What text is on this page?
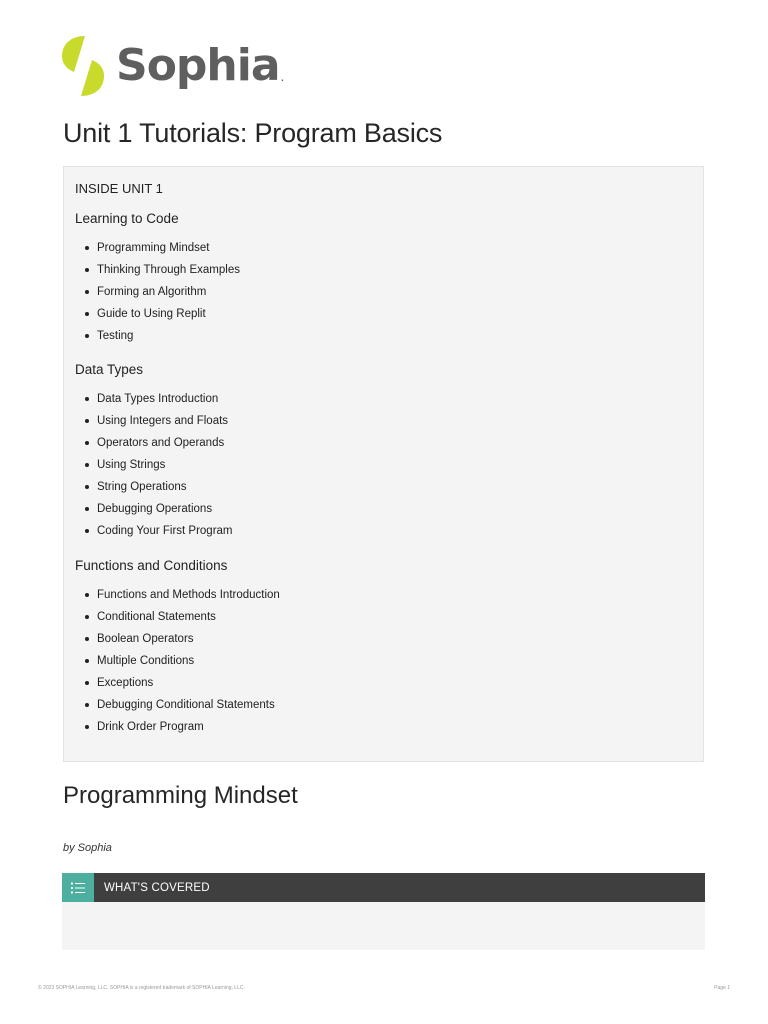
Sophia .
Unit 1 Tutorials: Program Basics
INSIDE UNIT 1
Learning to Code
Programming Mindset
Thinking Through Examples
Forming an Algorithm
Guide to Using Replit
Testing
Data Types
Data Types Introduction
Using Integers and Floats
Operators and Operands
Using Strings
String Operations
Debugging Operations
Coding Your First Program
Functions and Conditions
Functions and Methods Introduction
Conditional Statements
Boolean Operators
Multiple Conditions
Exceptions
Debugging Conditional Statements
Drink Order Program
Programming Mindset
by Sophia
WHAT'S COVERED
© 2023 SOPHIA Learning, LLC. SOPHIA is a registered trademark of SOPHIA Learning, LLC.	Page 1
